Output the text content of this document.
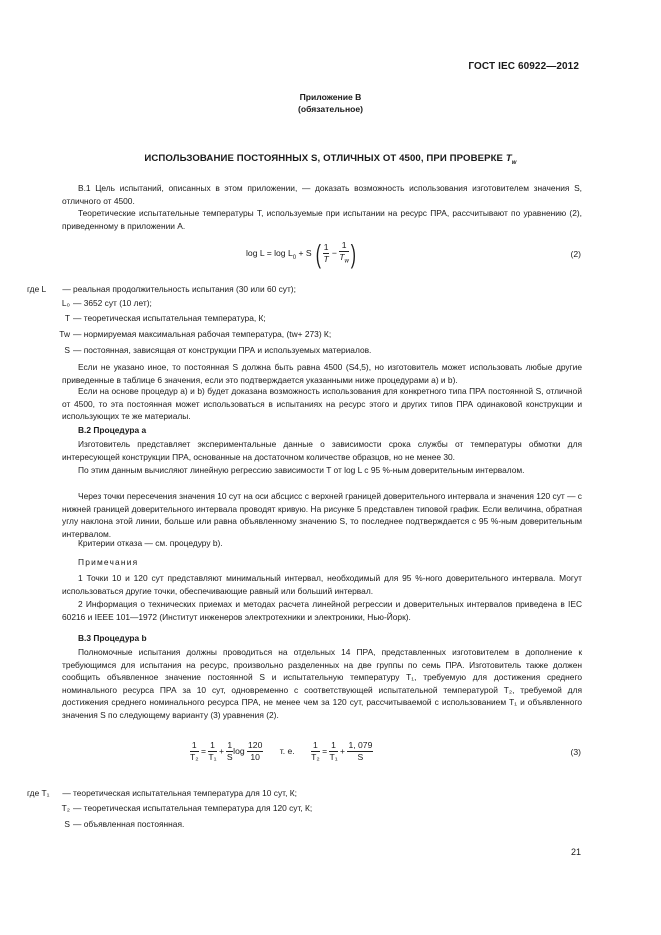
ГОСТ IEC 60922—2012
Приложение В
(обязательное)
ИСПОЛЬЗОВАНИЕ ПОСТОЯННЫХ S, ОТЛИЧНЫХ ОТ 4500, ПРИ ПРОВЕРКЕ $T_w$
В.1 Цель испытаний, описанных в этом приложении, — доказать возможность использования изготовителем значения S, отличного от 4500.
Теоретические испытательные температуры T, используемые при испытании на ресурс ПРА, рассчитывают по уравнению (2), приведенному в приложении А.
$\log L = \log L_0 + S$ ( $\frac{1}{T} - \frac{1}{T_w}$ )	(2)
где L — реальная продолжительность испытания (30 или 60 сут);
L₀ — 3652 сут (10 лет);
T — теоретическая испытательная температура, К;
Tw — нормируемая максимальная рабочая температура, (tw+ 273) К;
S — постоянная, зависящая от конструкции ПРА и используемых материалов.
Если не указано иное, то постоянная S должна быть равна 4500 (S4,5), но изготовитель может использовать любые другие приведенные в таблице 6 значения, если это подтверждается указанными ниже процедурами а) и b).
Если на основе процедур а) и b) будет доказана возможность использования для конкретного типа ПРА постоянной S, отличной от 4500, то эта постоянная может использоваться в испытаниях на ресурс этого и других типов ПРА одинаковой конструкции и использующих те же материалы.
В.2 Процедура а
Изготовитель представляет экспериментальные данные о зависимости срока службы от температуры обмотки для интересующей конструкции ПРА, основанные на достаточном количестве образцов, но не менее 30.
По этим данным вычисляют линейную регрессию зависимости T от log L с 95 %-ным доверительным интервалом.
Через точки пересечения значения 10 сут на оси абсцисс с верхней границей доверительного интервала и значения 120 сут — с нижней границей доверительного интервала проводят кривую. На рисунке 5 представлен типовой график. Если величина, обратная углу наклона этой линии, больше или равна объявленному значению S, то последнее подтверждается с 95 %-ным доверительным интервалом.
Критерии отказа — см. процедуру b).
Примечания
1 Точки 10 и 120 сут представляют минимальный интервал, необходимый для 95 %-ного доверительного интервала. Могут использоваться другие точки, обеспечивающие равный или больший интервал.
2 Информация о технических приемах и методах расчета линейной регрессии и доверительных интервалов приведена в IEC 60216 и IEEE 101—1972 (Институт инженеров электротехники и электроники, Нью-Йорк).
В.3 Процедура b
Полномочные испытания должны проводиться на отдельных 14 ПРА, представленных изготовителем в дополнение к требующимся для испытания на ресурс, произвольно разделенных на две группы по семь ПРА. Изготовитель также должен сообщить объявленное значение постоянной S и испытательную температуру T₁, требуемую для достижения среднего номинального ресурса ПРА за 10 сут, одновременно с соответствующей испытательной температурой T₂, требуемой для достижения среднего номинального ресурса ПРА, не менее чем за 120 сут, рассчитываемой с использованием T₁ и объявленного значения S по следующему варианту (3) уравнения (2).
$\frac{1}{\text{T₂}} = \frac{1}{\text{T₁}} + \frac{1}{S}$ $\log \frac{120}{10} т$. е. $\frac{1}{\text{T₂}} = \frac{1}{\text{T₁}} + \frac{1, 079}{S}$	(3)
где T₁ — теоретическая испытательная температура для 10 сут, К;
T₂ — теоретическая испытательная температура для 120 сут, К;
S — объявленная постоянная.
21
